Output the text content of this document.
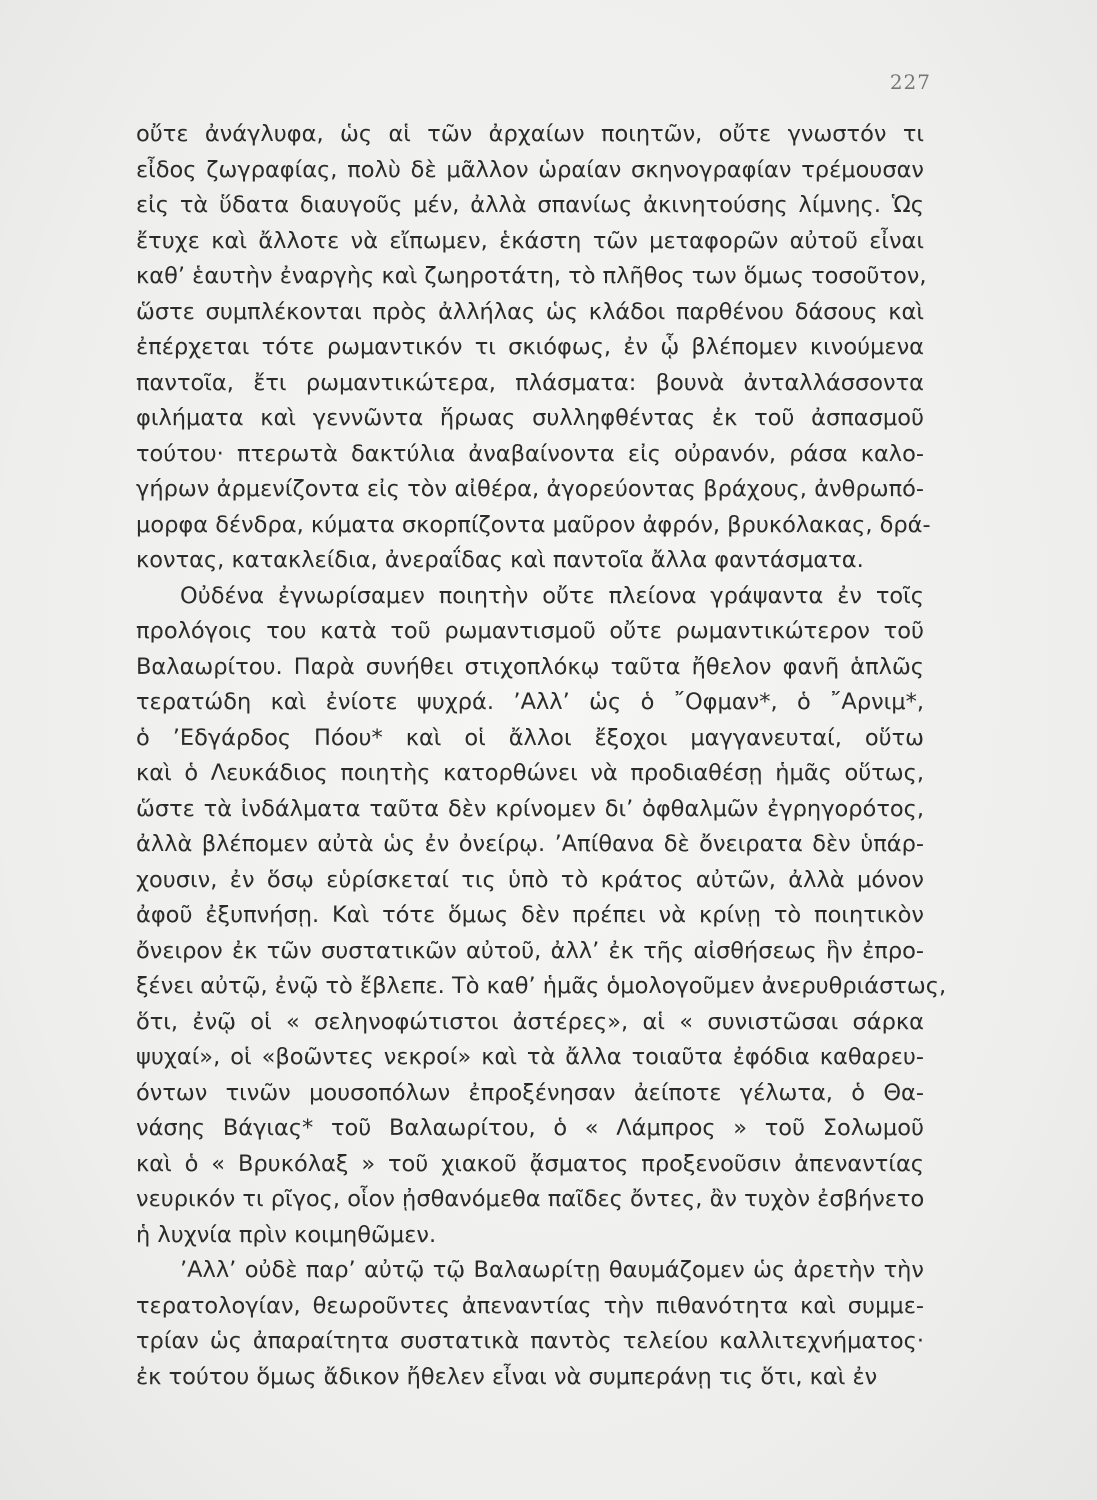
227
οὔτε ἀνάγλυφα, ὡς αἱ τῶν ἀρχαίων ποιητῶν, οὔτε γνωστόν τι
εἶδος ζωγραφίας, πολὺ δὲ μᾶλλον ὡραίαν σκηνογραφίαν τρέμουσαν
εἰς τὰ ὕδατα διαυγοῦς μέν, ἀλλὰ σπανίως ἀκινητούσης λίμνης. Ὡς
ἔτυχε καὶ ἄλλοτε νὰ εἴπωμεν, ἑκάστη τῶν μεταφορῶν αὐτοῦ εἶναι
καθ’ ἑαυτὴν ἐναργὴς καὶ ζωηροτάτη, τὸ πλῆθος των ὅμως τοσοῦτον,
ὥστε συμπλέκονται πρὸς ἀλλήλας ὡς κλάδοι παρθένου δάσους καὶ
ἐπέρχεται τότε ρωμαντικόν τι σκιόφως, ἐν ᾧ βλέπομεν κινούμενα
παντοῖα, ἔτι ρωμαντικώτερα, πλάσματα: βουνὰ ἀνταλλάσσοντα
φιλήματα καὶ γεννῶντα ἥρωας συλληφθέντας ἐκ τοῦ ἀσπασμοῦ
τούτου· πτερωτὰ δακτύλια ἀναβαίνοντα εἰς οὐρανόν, ράσα καλο-
γήρων ἀρμενίζοντα εἰς τὸν αἰθέρα, ἀγορεύοντας βράχους, ἀνθρωπό-
μορφα δένδρα, κύματα σκορπίζοντα μαῦρον ἀφρόν, βρυκόλακας, δρά-
κοντας, κατακλείδια, ἀνεραΐδας καὶ παντοῖα ἄλλα φαντάσματα.
Οὐδένα ἐγνωρίσαμεν ποιητὴν οὔτε πλείονα γράψαντα ἐν τοῖς
προλόγοις του κατὰ τοῦ ρωμαντισμοῦ οὔτε ρωμαντικώτερον τοῦ
Βαλαωρίτου. Παρὰ συνήθει στιχοπλόκῳ ταῦτα ἤθελον φανῆ ἁπλῶς
τερατώδη καὶ ἐνίοτε ψυχρά. ’Αλλ’ ὡς ὁ ῎Οφμαν*, ὁ ῎Αρνιμ*,
ὁ ’Εδγάρδος Πόου* καὶ οἱ ἄλλοι ἔξοχοι μαγγανευταί, οὕτω
καὶ ὁ Λευκάδιος ποιητὴς κατορθώνει νὰ προδιαθέσῃ ἡμᾶς οὕτως,
ὥστε τὰ ἰνδάλματα ταῦτα δὲν κρίνομεν δι’ ὀφθαλμῶν ἐγρηγορότος,
ἀλλὰ βλέπομεν αὐτὰ ὡς ἐν ὀνείρῳ. ’Απίθανα δὲ ὄνειρατα δὲν ὑπάρ-
χουσιν, ἐν ὅσῳ εὑρίσκεταί τις ὑπὸ τὸ κράτος αὐτῶν, ἀλλὰ μόνον
ἀφοῦ ἐξυπνήσῃ. Καὶ τότε ὅμως δὲν πρέπει νὰ κρίνῃ τὸ ποιητικὸν
ὄνειρον ἐκ τῶν συστατικῶν αὐτοῦ, ἀλλ’ ἐκ τῆς αἰσθήσεως ἣν ἐπρο-
ξένει αὐτῷ, ἐνῷ τὸ ἔβλεπε. Τὸ καθ’ ἡμᾶς ὁμολογοῦμεν ἀνερυθριάστως,
ὅτι, ἐνῷ οἱ « σεληνοφώτιστοι ἀστέρες», αἱ « συνιστῶσαι σάρκα
ψυχαί», οἱ «βοῶντες νεκροί» καὶ τὰ ἄλλα τοιαῦτα ἐφόδια καθαρευ-
όντων τινῶν μουσοπόλων ἐπροξένησαν ἀείποτε γέλωτα, ὁ Θα-
νάσης Βάγιας* τοῦ Βαλαωρίτου, ὁ « Λάμπρος » τοῦ Σολωμοῦ
καὶ ὁ « Βρυκόλαξ » τοῦ χιακοῦ ᾄσματος προξενοῦσιν ἀπεναντίας
νευρικόν τι ρῖγος, οἷον ᾐσθανόμεθα παῖδες ὄντες, ἂν τυχὸν ἐσβήνετο
ἡ λυχνία πρὶν κοιμηθῶμεν.
’Αλλ’ οὐδὲ παρ’ αὐτῷ τῷ Βαλαωρίτῃ θαυμάζομεν ὡς ἀρετὴν τὴν
τερατολογίαν, θεωροῦντες ἀπεναντίας τὴν πιθανότητα καὶ συμμε-
τρίαν ὡς ἀπαραίτητα συστατικὰ παντὸς τελείου καλλιτεχνήματος·
ἐκ τούτου ὅμως ἄδικον ἤθελεν εἶναι νὰ συμπεράνῃ τις ὅτι, καὶ ἐν
